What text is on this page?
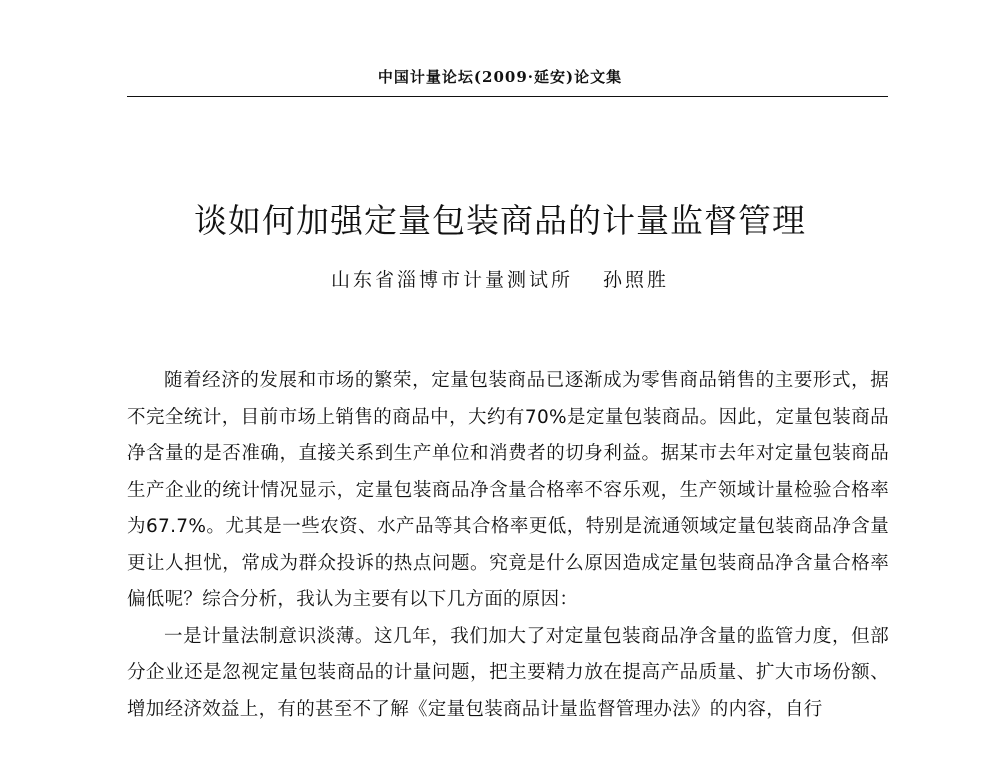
中国计量论坛(2009·延安)论文集
谈如何加强定量包装商品的计量监督管理
山东省淄博市计量测试所 孙照胜

随着经济的发展和市场的繁荣，定量包装商品已逐渐成为零售商品销售的主要形式，据不完全统计，目前市场上销售的商品中，大约有70%是定量包装商品。因此，定量包装商品净含量的是否准确，直接关系到生产单位和消费者的切身利益。据某市去年对定量包装商品生产企业的统计情况显示，定量包装商品净含量合格率不容乐观，生产领域计量检验合格率为67.7%。尤其是一些农资、水产品等其合格率更低，特别是流通领域定量包装商品净含量更让人担忧，常成为群众投诉的热点问题。究竟是什么原因造成定量包装商品净含量合格率偏低呢？综合分析，我认为主要有以下几方面的原因：

一是计量法制意识淡薄。这几年，我们加大了对定量包装商品净含量的监管力度，但部分企业还是忽视定量包装商品的计量问题，把主要精力放在提高产品质量、扩大市场份额、增加经济效益上，有的甚至不了解《定量包装商品计量监督管理办法》的内容，自行
